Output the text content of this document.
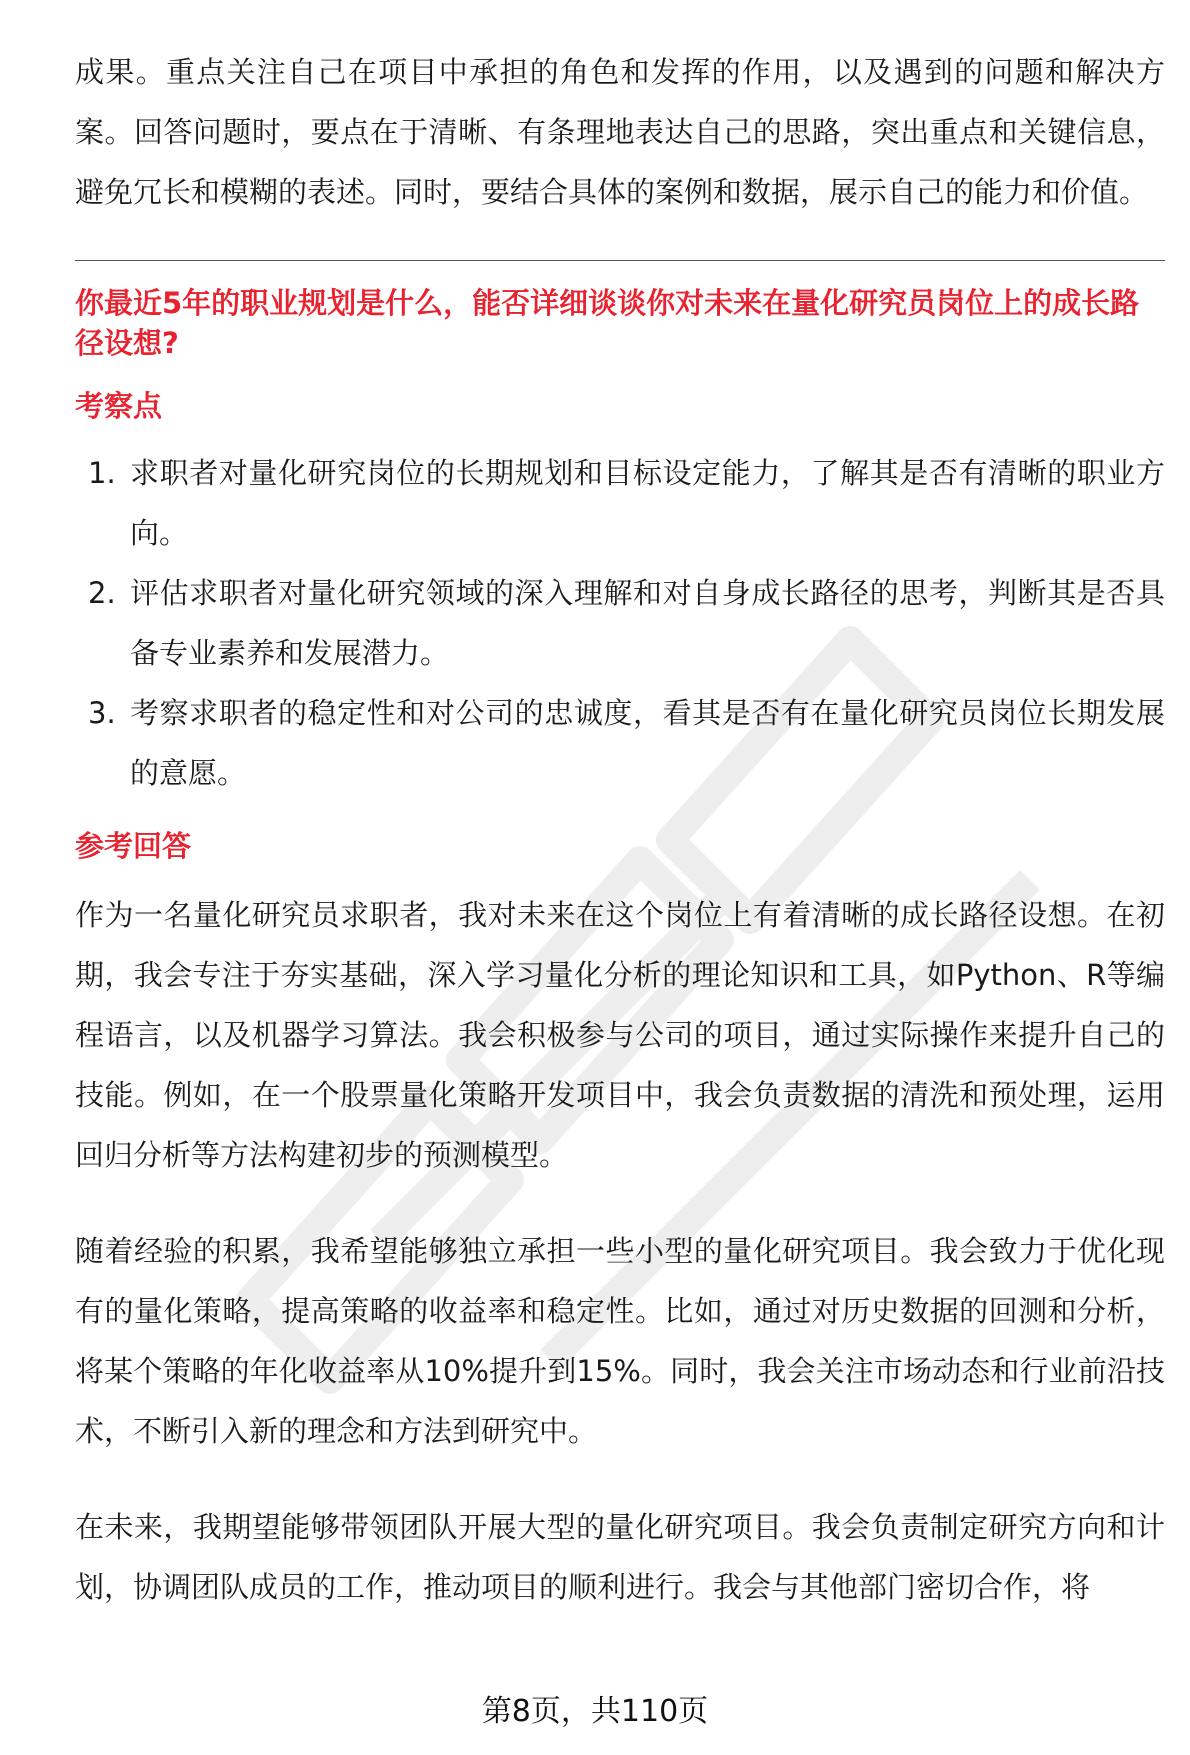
成果。重点关注自己在项目中承担的角色和发挥的作用，以及遇到的问题和解决方案。回答问题时，要点在于清晰、有条理地表达自己的思路，突出重点和关键信息，避免冗长和模糊的表述。同时，要结合具体的案例和数据，展示自己的能力和价值。

你最近5年的职业规划是什么，能否详细谈谈你对未来在量化研究员岗位上的成长路径设想?
考察点
1. 求职者对量化研究岗位的长期规划和目标设定能力，了解其是否有清晰的职业方向。
2. 评估求职者对量化研究领域的深入理解和对自身成长路径的思考，判断其是否具备专业素养和发展潜力。
3. 考察求职者的稳定性和对公司的忠诚度，看其是否有在量化研究员岗位长期发展的意愿。
参考回答

作为一名量化研究员求职者，我对未来在这个岗位上有着清晰的成长路径设想。在初期，我会专注于夯实基础，深入学习量化分析的理论知识和工具，如Python、R等编程语言，以及机器学习算法。我会积极参与公司的项目，通过实际操作来提升自己的技能。例如，在一个股票量化策略开发项目中，我会负责数据的清洗和预处理，运用回归分析等方法构建初步的预测模型。

随着经验的积累，我希望能够独立承担一些小型的量化研究项目。我会致力于优化现有的量化策略，提高策略的收益率和稳定性。比如，通过对历史数据的回测和分析，将某个策略的年化收益率从10%提升到15%。同时，我会关注市场动态和行业前沿技术，不断引入新的理念和方法到研究中。

在未来，我期望能够带领团队开展大型的量化研究项目。我会负责制定研究方向和计划，协调团队成员的工作，推动项目的顺利进行。我会与其他部门密切合作，将

第8页，共110页
